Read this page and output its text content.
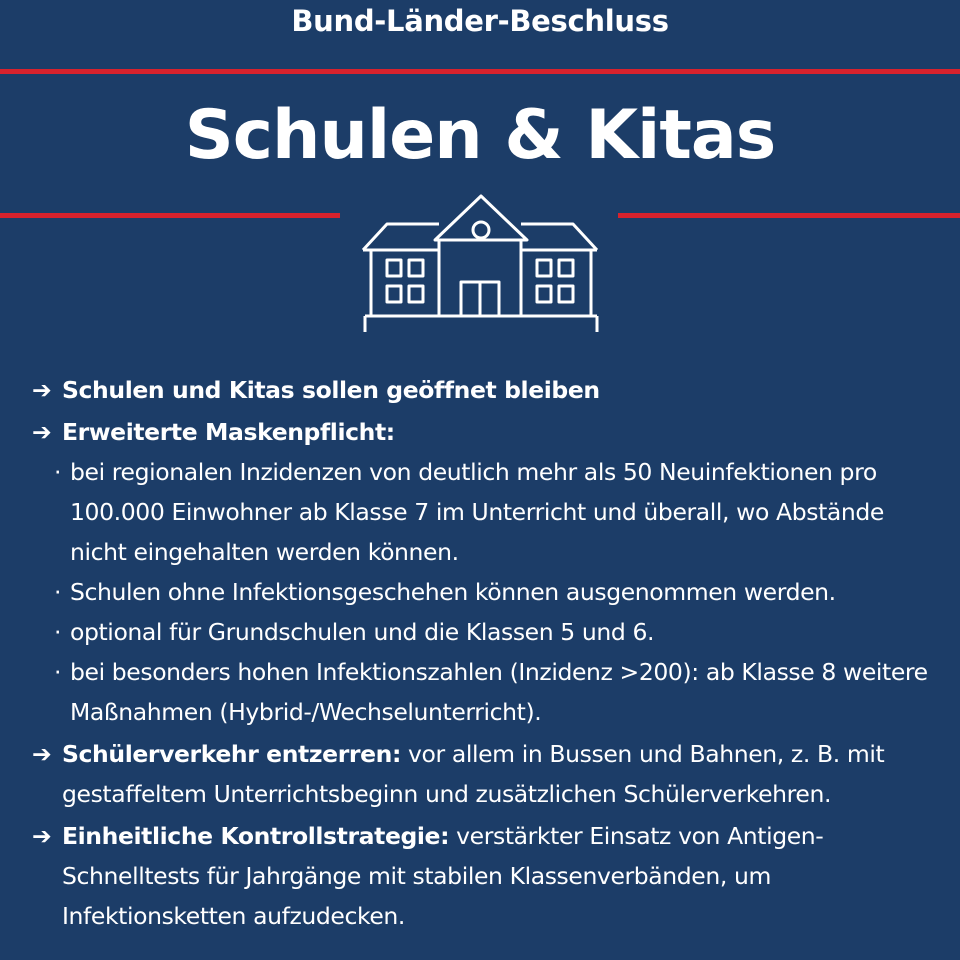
Bund-Länder-Beschluss
Schulen & Kitas
➔ Schulen und Kitas sollen geöffnet bleiben
➔ Erweiterte Maskenpflicht:
· bei regionalen Inzidenzen von deutlich mehr als 50 Neuinfektionen pro 100.000 Einwohner ab Klasse 7 im Unterricht und überall, wo Abstände nicht eingehalten werden können.
· Schulen ohne Infektionsgeschehen können ausgenommen werden.
· optional für Grundschulen und die Klassen 5 und 6.
· bei besonders hohen Infektionszahlen (Inzidenz >200): ab Klasse 8 weitere Maßnahmen (Hybrid-/Wechselunterricht).
➔ Schülerverkehr entzerren: vor allem in Bussen und Bahnen, z. B. mit gestaffeltem Unterrichtsbeginn und zusätzlichen Schülerverkehren.
➔ Einheitliche Kontrollstrategie: verstärkter Einsatz von Antigen-Schnelltests für Jahrgänge mit stabilen Klassenverbänden, um Infektionsketten aufzudecken.
